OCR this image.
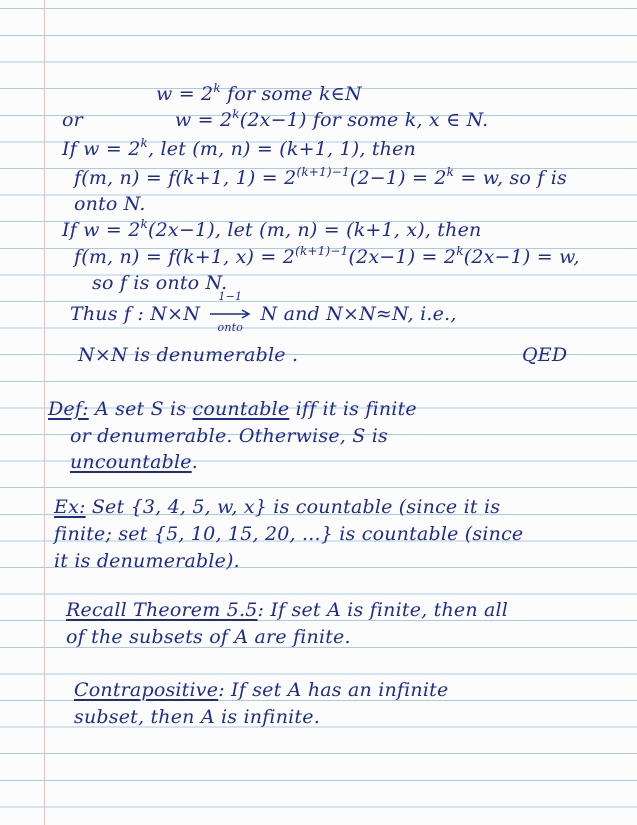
$w = 2^k$ for some k∈N
or	$w = 2^k(2x-1)$ for some k, x ∈ N.
If $w = 2^k$, let (m, n) = (k+1, 1), then
f(m, n) = f(k+1, $1) = 2^{(k+1)-1}(2-1) = 2^k = w$, so f is
onto N.
If $w = 2^k(2x-1)$, let (m, n) = (k+1, x), then
f(m, n) = f(k+1, $x) = 2^{(k+1)-1}(2x-1) = 2^k(2x-1) = w$,
so f is onto N.
Thus f : N×N
1−1
onto
N and N×N≈N, i.e.,
N×N is denumerable .	QED
Def: A set S is countable iff it is finite
or denumerable. Otherwise, S is
uncountable.
Ex: Set {3, 4, 5, w, x} is countable (since it is
finite; set {5, 10, 15, 20, ...} is countable (since
it is denumerable).
Recall Theorem 5.5: If set A is finite, then all
of the subsets of A are finite.
Contrapositive: If set A has an infinite
subset, then A is infinite.
